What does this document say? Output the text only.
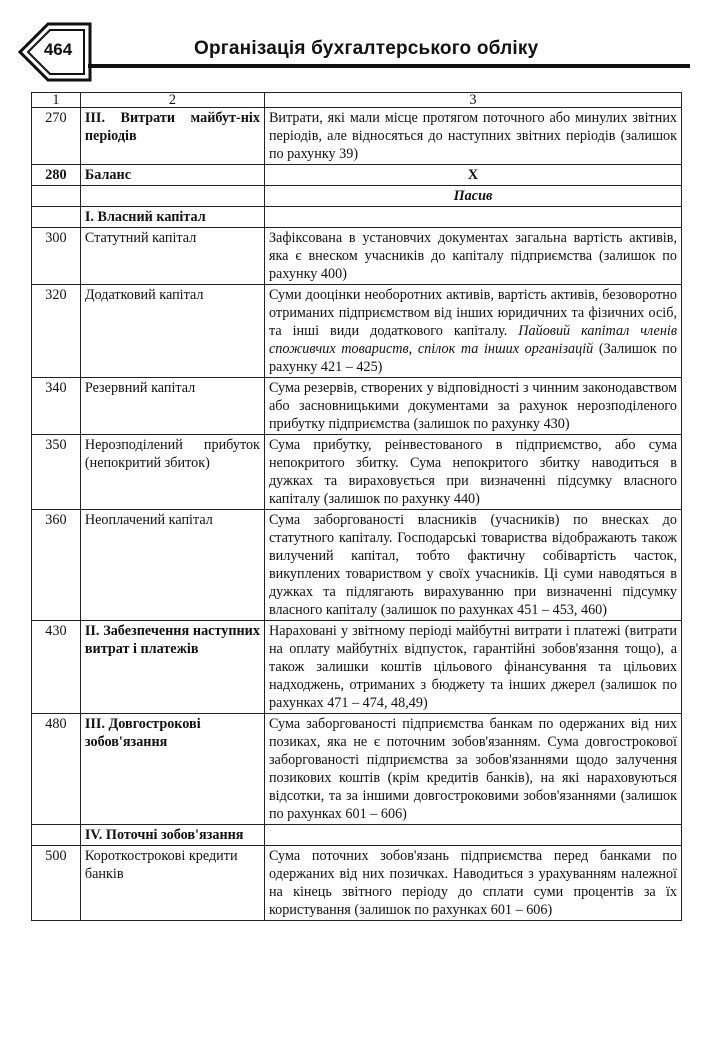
464	Організація бухгалтерського обліку
1	2	3
270	ІІІ. Витрати майбут-ніх періодів	Витрати, які мали місце протягом поточного або минулих звітних періодів, але відносяться до наступних звітних періодів (залишок по рахунку 39)
280	Баланс	Х
		Пасив
	І. Власний капітал	
300	Статутний капітал	Зафіксована в установчих документах загальна вартість активів, яка є внеском учасників до капіталу підприємства (залишок по рахунку 400)
320	Додатковий капітал	Суми дооцінки необоротних активів, вартість активів, безоворотно отриманих підприємством від інших юридичних та фізичних осіб, та інші види додаткового капіталу. Пайовий капітал членів споживчих товариств, спілок та інших організацій (Залишок по рахунку 421 – 425)
340	Резервний капітал	Сума резервів, створених у відповідності з чинним законодавством або засновницькими документами за рахунок нерозподіленого прибутку підприємства (залишок по рахунку 430)
350	Нерозподілений прибуток (непокритий збиток)	Сума прибутку, реінвестованого в підприємство, або сума непокритого збитку. Сума непокритого збитку наводиться в дужках та вираховується при визначенні підсумку власного капіталу (залишок по рахунку 440)
360	Неоплачений капітал	Сума заборгованості власників (учасників) по внесках до статутного капіталу. Господарські товариства відображають також вилучений капітал, тобто фактичну собівартість часток, викуплених товариством у своїх учасників. Ці суми наводяться в дужках та підлягають вирахуванню при визначенні підсумку власного капіталу (залишок по рахунках 451 – 453, 460)
430	ІІ. Забезпечення наступних витрат і платежів	Нараховані у звітному періоді майбутні витрати і платежі (витрати на оплату майбутніх відпусток, гарантійні зобов'язання тощо), а також залишки коштів цільового фінансування та цільових надходжень, отриманих з бюджету та інших джерел (залишок по рахунках 471 – 474, 48,49)
480	ІІІ. Довгострокові зобов'язання	Сума заборгованості підприємства банкам по одержаних від них позиках, яка не є поточним зобов'язанням. Сума довгострокової заборгованості підприємства за зобов'язаннями щодо залучення позикових коштів (крім кредитів банків), на які нараховуються відсотки, та за іншими довгостроковими зобов'язаннями (залишок по рахунках 601 – 606)
	IV. Поточні зобов'язання	
500	Короткострокові кредити банків	Сума поточних зобов'язань підприємства перед банками по одержаних від них позичках. Наводиться з урахуванням належної на кінець звітного періоду до сплати суми процентів за їх користування (залишок по рахунках 601 – 606)
